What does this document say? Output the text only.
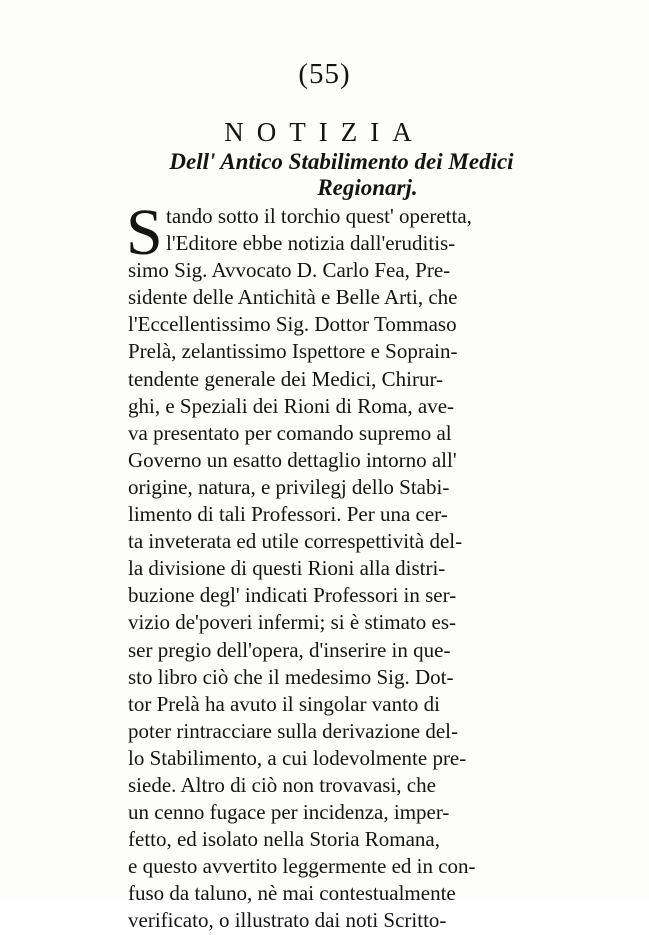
(55)
NOTIZIA
Dell' Antico Stabilimento dei Medici
Regionarj.
S tando sotto il torchio quest' operetta,
l'Editore ebbe notizia dall'eruditis-
simo Sig. Avvocato D. Carlo Fea, Pre-
sidente delle Antichità e Belle Arti, che
l'Eccellentissimo Sig. Dottor Tommaso
Prelà, zelantissimo Ispettore e Soprain-
tendente generale dei Medici, Chirur-
ghi, e Speziali dei Rioni di Roma, ave-
va presentato per comando supremo al
Governo un esatto dettaglio intorno all'
origine, natura, e privilegj dello Stabi-
limento di tali Professori. Per una cer-
ta inveterata ed utile correspettività del-
la divisione di questi Rioni alla distri-
buzione degl' indicati Professori in ser-
vizio de'poveri infermi; si è stimato es-
ser pregio dell'opera, d'inserire in que-
sto libro ciò che il medesimo Sig. Dot-
tor Prelà ha avuto il singolar vanto di
poter rintracciare sulla derivazione del-
lo Stabilimento, a cui lodevolmente pre-
siede. Altro di ciò non trovavasi, che
un cenno fugace per incidenza, imper-
fetto, ed isolato nella Storia Romana,
e questo avvertito leggermente ed in con-
fuso da taluno, nè mai contestualmente
verificato, o illustrato dai noti Scritto-
